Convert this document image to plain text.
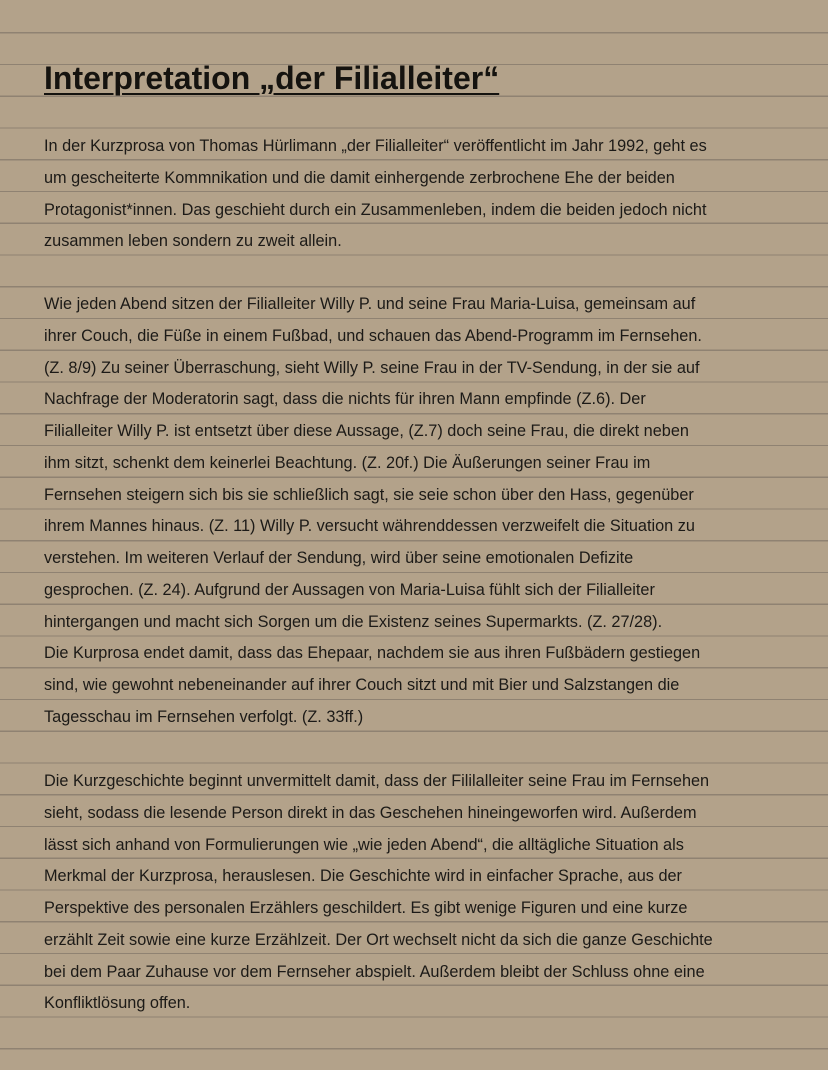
Interpretation „der Filialleiter“
In der Kurzprosa von Thomas Hürlimann „der Filialleiter“ veröffentlicht im Jahr 1992, geht es
um gescheiterte Kommnikation und die damit einhergende zerbrochene Ehe der beiden
Protagonist*innen. Das geschieht durch ein Zusammenleben, indem die beiden jedoch nicht
zusammen leben sondern zu zweit allein.
Wie jeden Abend sitzen der Filialleiter Willy P. und seine Frau Maria-Luisa, gemeinsam auf
ihrer Couch, die Füße in einem Fußbad, und schauen das Abend-Programm im Fernsehen.
(Z. 8/9) Zu seiner Überraschung, sieht Willy P. seine Frau in der TV-Sendung, in der sie auf
Nachfrage der Moderatorin sagt, dass die nichts für ihren Mann empfinde (Z.6). Der
Filialleiter Willy P. ist entsetzt über diese Aussage, (Z.7) doch seine Frau, die direkt neben
ihm sitzt, schenkt dem keinerlei Beachtung. (Z. 20f.) Die Äußerungen seiner Frau im
Fernsehen steigern sich bis sie schließlich sagt, sie seie schon über den Hass, gegenüber
ihrem Mannes hinaus. (Z. 11) Willy P. versucht währenddessen verzweifelt die Situation zu
verstehen. Im weiteren Verlauf der Sendung, wird über seine emotionalen Defizite
gesprochen. (Z. 24). Aufgrund der Aussagen von Maria-Luisa fühlt sich der Filialleiter
hintergangen und macht sich Sorgen um die Existenz seines Supermarkts. (Z. 27/28).
Die Kurprosa endet damit, dass das Ehepaar, nachdem sie aus ihren Fußbädern gestiegen
sind, wie gewohnt nebeneinander auf ihrer Couch sitzt und mit Bier und Salzstangen die
Tagesschau im Fernsehen verfolgt. (Z. 33ff.)
Die Kurzgeschichte beginnt unvermittelt damit, dass der Fililalleiter seine Frau im Fernsehen
sieht, sodass die lesende Person direkt in das Geschehen hineingeworfen wird. Außerdem
lässt sich anhand von Formulierungen wie „wie jeden Abend“, die alltägliche Situation als
Merkmal der Kurzprosa, herauslesen. Die Geschichte wird in einfacher Sprache, aus der
Perspektive des personalen Erzählers geschildert. Es gibt wenige Figuren und eine kurze
erzählt Zeit sowie eine kurze Erzählzeit. Der Ort wechselt nicht da sich die ganze Geschichte
bei dem Paar Zuhause vor dem Fernseher abspielt. Außerdem bleibt der Schluss ohne eine
Konfliktlösung offen.
